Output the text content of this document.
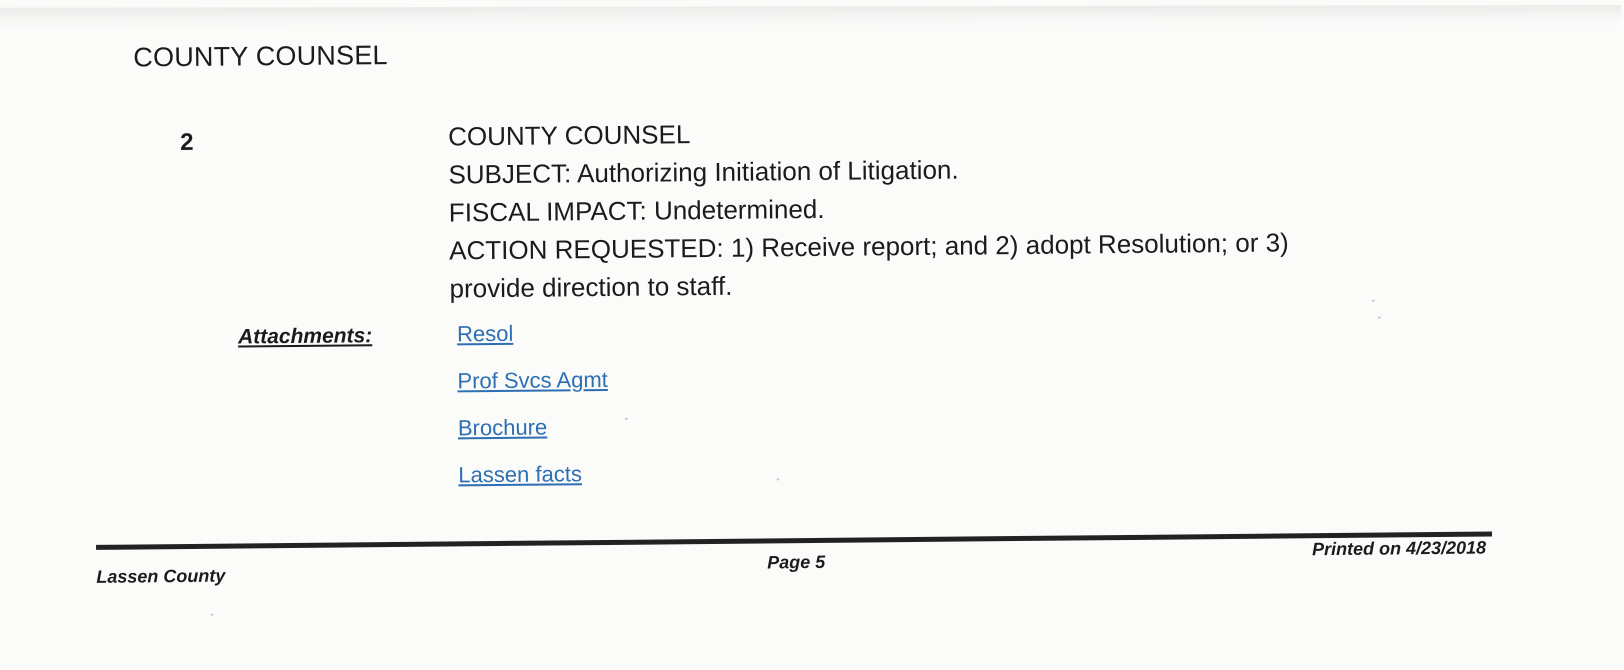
COUNTY COUNSEL
2	COUNTY COUNSEL
SUBJECT: Authorizing Initiation of Litigation.
FISCAL IMPACT: Undetermined.
ACTION REQUESTED: 1) Receive report; and 2) adopt Resolution; or 3)
provide direction to staff.
Attachments:	Resol
Prof Svcs Agmt
Brochure
Lassen facts
Lassen County
Page 5
Printed on 4/23/2018
